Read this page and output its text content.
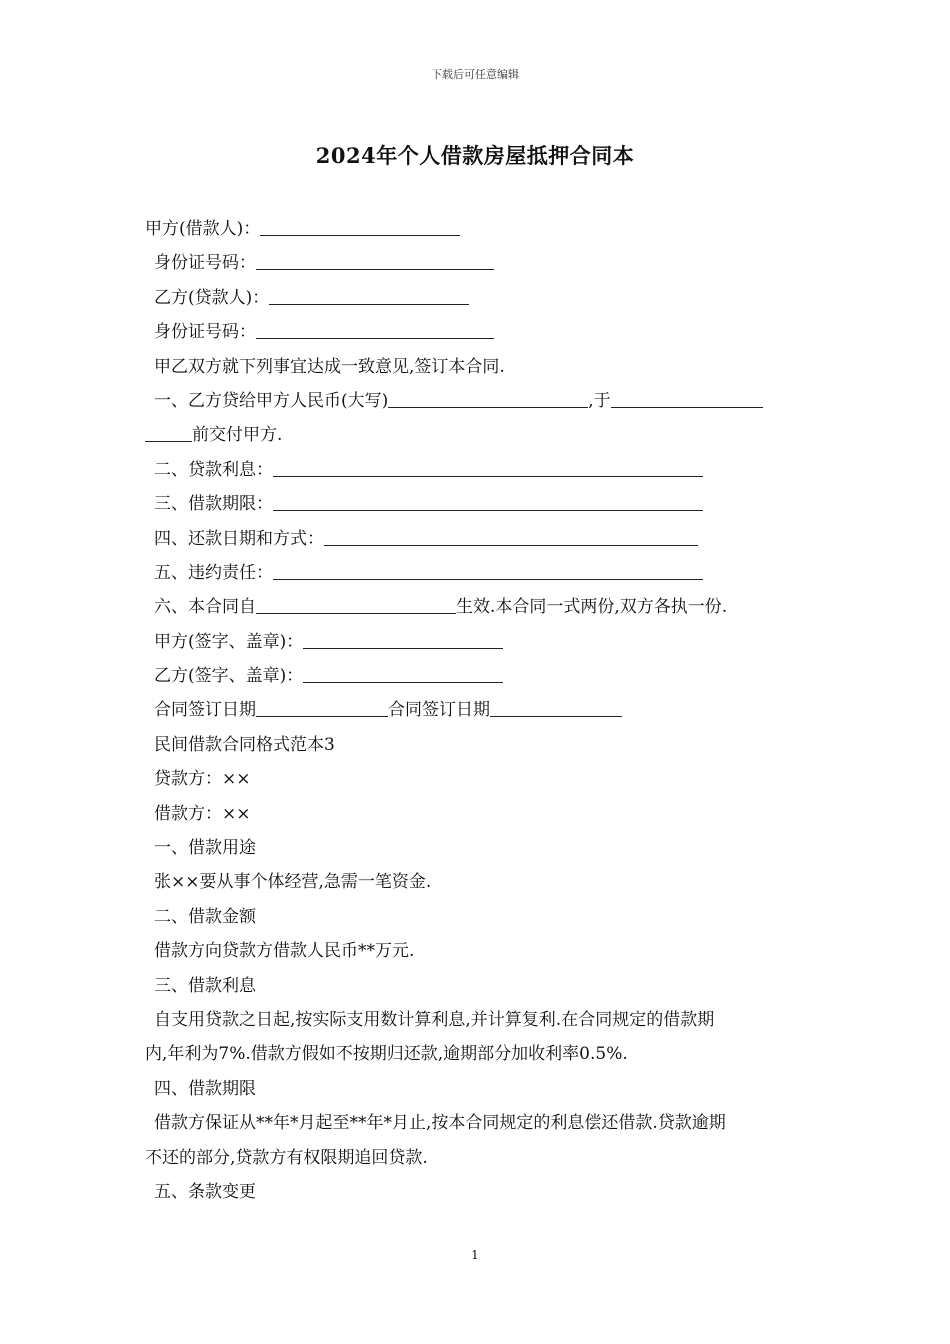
下载后可任意编辑
2024年个人借款房屋抵押合同本
甲方(借款人)：
身份证号码：
乙方(贷款人)：
身份证号码：
甲乙双方就下列事宜达成一致意见,签订本合同.
一、乙方贷给甲方人民币(大写)	,于
前交付甲方.
二、贷款利息：
三、借款期限：
四、还款日期和方式：
五、违约责任：
六、本合同自	生效.本合同一式两份,双方各执一份.
甲方(签字、盖章)：
乙方(签字、盖章)：
合同签订日期	合同签订日期
民间借款合同格式范本3
贷款方：××
借款方：××
一、借款用途
张××要从事个体经营,急需一笔资金.
二、借款金额
借款方向贷款方借款人民币**万元.
三、借款利息
自支用贷款之日起,按实际支用数计算利息,并计算复利.在合同规定的借款期
内,年利为7%.借款方假如不按期归还款,逾期部分加收利率0.5%.
四、借款期限
借款方保证从**年*月起至**年*月止,按本合同规定的利息偿还借款.贷款逾期
不还的部分,贷款方有权限期追回贷款.
五、条款变更
1
